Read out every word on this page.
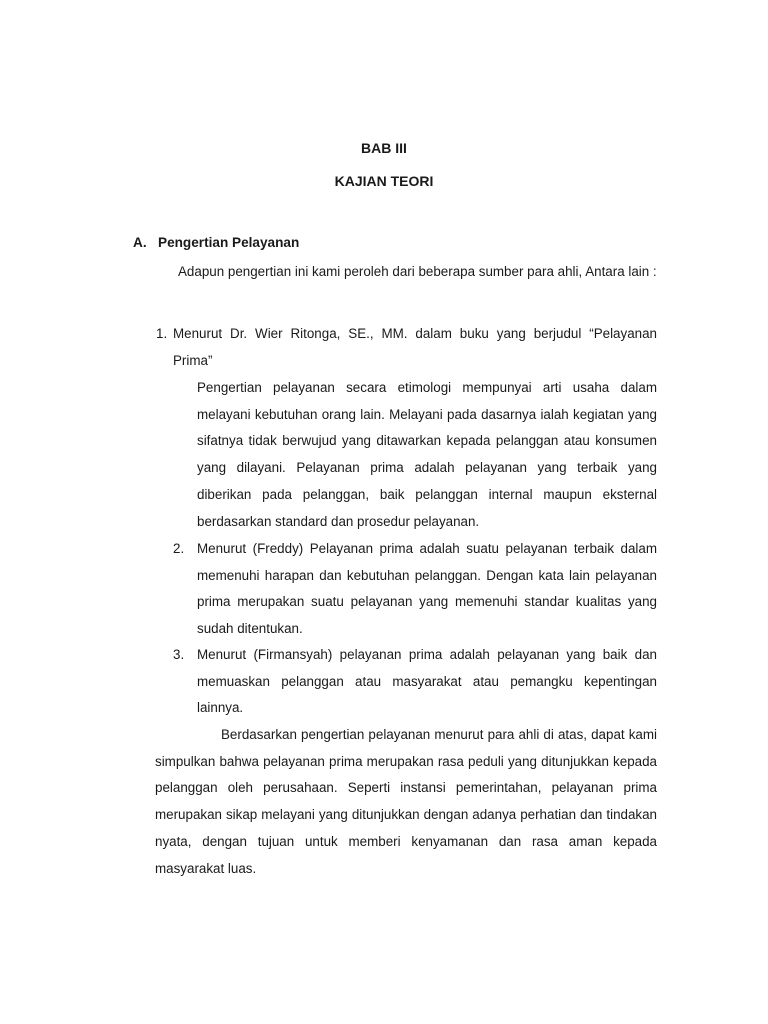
BAB III

KAJIAN TEORI

A. Pengertian Pelayanan

Adapun pengertian ini kami peroleh dari beberapa sumber para ahli, Antara lain :

1. Menurut Dr. Wier Ritonga, SE., MM. dalam buku yang berjudul “Pelayanan Prima”

Pengertian pelayanan secara etimologi mempunyai arti usaha dalam melayani kebutuhan orang lain. Melayani pada dasarnya ialah kegiatan yang sifatnya tidak berwujud yang ditawarkan kepada pelanggan atau konsumen yang dilayani. Pelayanan prima adalah pelayanan yang terbaik yang diberikan pada pelanggan, baik pelanggan internal maupun eksternal berdasarkan standard dan prosedur pelayanan.

2. Menurut (Freddy) Pelayanan prima adalah suatu pelayanan terbaik dalam memenuhi harapan dan kebutuhan pelanggan. Dengan kata lain pelayanan prima merupakan suatu pelayanan yang memenuhi standar kualitas yang sudah ditentukan.
3. Menurut (Firmansyah) pelayanan prima adalah pelayanan yang baik dan memuaskan pelanggan atau masyarakat atau pemangku kepentingan lainnya.

Berdasarkan pengertian pelayanan menurut para ahli di atas, dapat kami simpulkan bahwa pelayanan prima merupakan rasa peduli yang ditunjukkan kepada pelanggan oleh perusahaan. Seperti instansi pemerintahan, pelayanan prima merupakan sikap melayani yang ditunjukkan dengan adanya perhatian dan tindakan nyata, dengan tujuan untuk memberi kenyamanan dan rasa aman kepada masyarakat luas.
